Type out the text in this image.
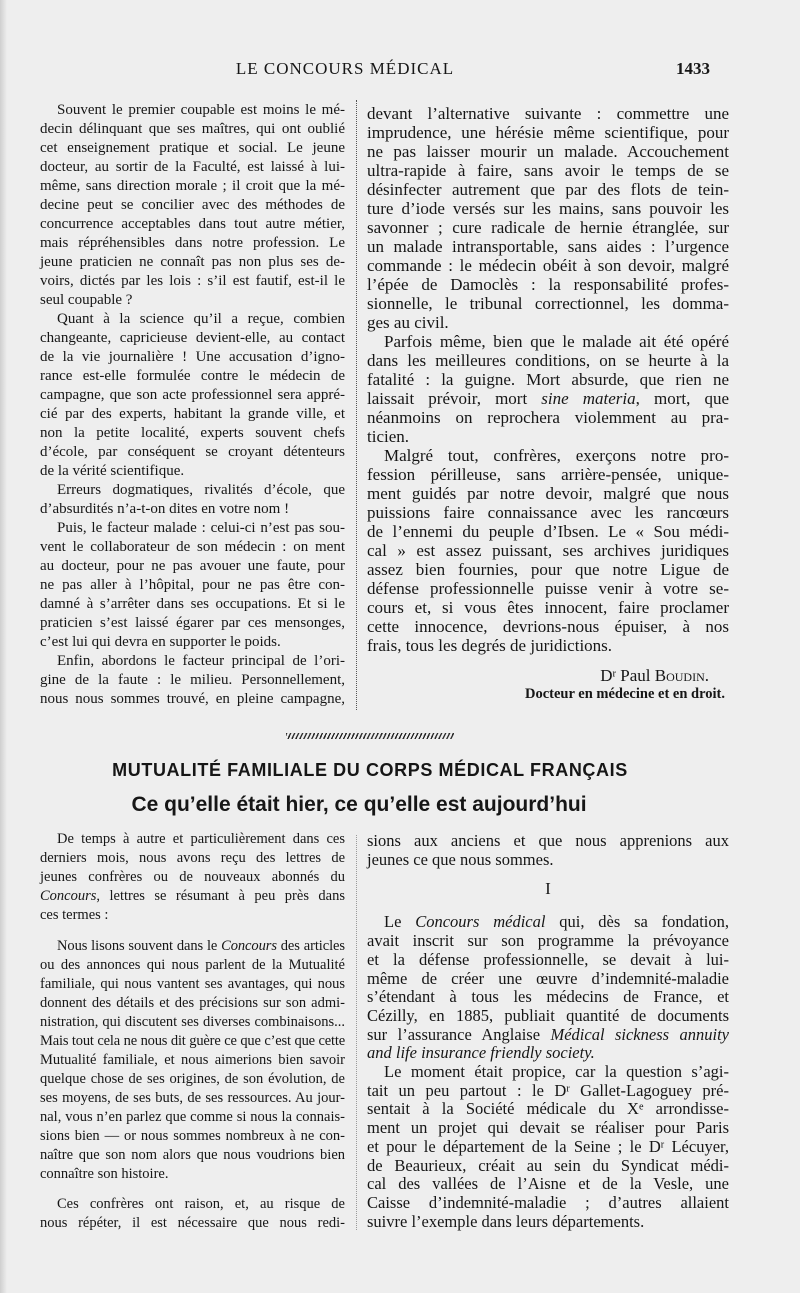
LE CONCOURS MÉDICAL	1433
Souvent le premier coupable est moins le mé-
decin délinquant que ses maîtres, qui ont oublié
cet enseignement pratique et social. Le jeune
docteur, au sortir de la Faculté, est laissé à lui-
même, sans direction morale ; il croit que la mé-
decine peut se concilier avec des méthodes de
concurrence acceptables dans tout autre métier,
mais répréhensibles dans notre profession. Le
jeune praticien ne connaît pas non plus ses de-
voirs, dictés par les lois : s’il est fautif, est-il le
seul coupable ?
Quant à la science qu’il a reçue, combien
changeante, capricieuse devient-elle, au contact
de la vie journalière ! Une accusation d’igno-
rance est-elle formulée contre le médecin de
campagne, que son acte professionnel sera appré-
cié par des experts, habitant la grande ville, et
non la petite localité, experts souvent chefs
d’école, par conséquent se croyant détenteurs
de la vérité scientifique.
Erreurs dogmatiques, rivalités d’école, que
d’absurdités n’a-t-on dites en votre nom !
Puis, le facteur malade : celui-ci n’est pas sou-
vent le collaborateur de son médecin : on ment
au docteur, pour ne pas avouer une faute, pour
ne pas aller à l’hôpital, pour ne pas être con-
damné à s’arrêter dans ses occupations. Et si le
praticien s’est laissé égarer par ces mensonges,
c’est lui qui devra en supporter le poids.
Enfin, abordons le facteur principal de l’ori-
gine de la faute : le milieu. Personnellement,
nous nous sommes trouvé, en pleine campagne,
devant l’alternative suivante : commettre une
imprudence, une hérésie même scientifique, pour
ne pas laisser mourir un malade. Accouchement
ultra-rapide à faire, sans avoir le temps de se
désinfecter autrement que par des flots de tein-
ture d’iode versés sur les mains, sans pouvoir les
savonner ; cure radicale de hernie étranglée, sur
un malade intransportable, sans aides : l’urgence
commande : le médecin obéit à son devoir, malgré
l’épée de Damoclès : la responsabilité profes-
sionnelle, le tribunal correctionnel, les domma-
ges au civil.
Parfois même, bien que le malade ait été opéré
dans les meilleures conditions, on se heurte à la
fatalité : la guigne. Mort absurde, que rien ne
laissait prévoir, mort sine materia, mort, que
néanmoins on reprochera violemment au pra-
ticien.
Malgré tout, confrères, exerçons notre pro-
fession périlleuse, sans arrière-pensée, unique-
ment guidés par notre devoir, malgré que nous
puissions faire connaissance avec les rancœurs
de l’ennemi du peuple d’Ibsen. Le « Sou médi-
cal » est assez puissant, ses archives juridiques
assez bien fournies, pour que notre Ligue de
défense professionnelle puisse venir à votre se-
cours et, si vous êtes innocent, faire proclamer
cette innocence, devrions-nous épuiser, à nos
frais, tous les degrés de juridictions.
$D^r$ Paul Boudin.
Docteur en médecine et en droit.
MUTUALITÉ FAMILIALE DU CORPS MÉDICAL FRANÇAIS
Ce qu’elle était hier, ce qu’elle est aujourd’hui
De temps à autre et particulièrement dans ces
derniers mois, nous avons reçu des lettres de
jeunes confrères ou de nouveaux abonnés du
Concours, lettres se résumant à peu près dans
ces termes :
Nous lisons souvent dans le Concours des articles
ou des annonces qui nous parlent de la Mutualité
familiale, qui nous vantent ses avantages, qui nous
donnent des détails et des précisions sur son admi-
nistration, qui discutent ses diverses combinaisons...
Mais tout cela ne nous dit guère ce que c’est que cette
Mutualité familiale, et nous aimerions bien savoir
quelque chose de ses origines, de son évolution, de
ses moyens, de ses buts, de ses ressources. Au jour-
nal, vous n’en parlez que comme si nous la connais-
sions bien — or nous sommes nombreux à ne con-
naître que son nom alors que nous voudrions bien
connaître son histoire.
Ces confrères ont raison, et, au risque de
nous répéter, il est nécessaire que nous redi-
sions aux anciens et que nous apprenions aux
jeunes ce que nous sommes.
I
Le Concours médical qui, dès sa fondation,
avait inscrit sur son programme la prévoyance
et la défense professionnelle, se devait à lui-
même de créer une œuvre d’indemnité-maladie
s’étendant à tous les médecins de France, et
Cézilly, en 1885, publiait quantité de documents
sur l’assurance Anglaise Médical sickness annuity
and life insurance friendly society.
Le moment était propice, car la question s’agi-
tait un peu partout : le $D^r$ Gallet-Lagoguey pré-
sentait à la Société médicale du Xe arrondisse-
ment un projet qui devait se réaliser pour Paris
et pour le département de la Seine ; le $D^r$ Lécuyer,
de Beaurieux, créait au sein du Syndicat médi-
cal des vallées de l’Aisne et de la Vesle, une
Caisse d’indemnité-maladie ; d’autres allaient
suivre l’exemple dans leurs départements.
